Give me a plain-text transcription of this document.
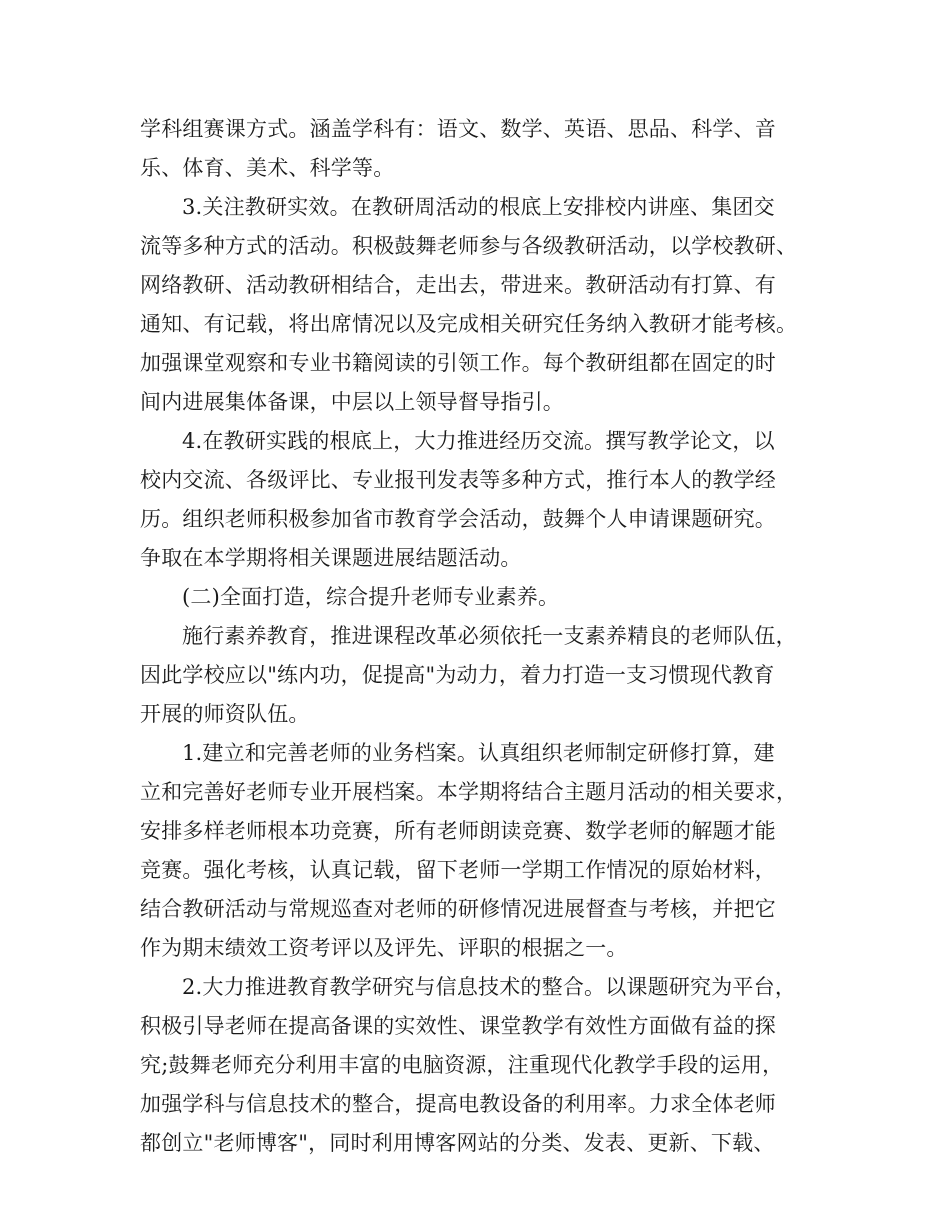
学科组赛课方式。涵盖学科有：语文、数学、英语、思品、科学、音
乐、体育、美术、科学等。
3.关注教研实效。在教研周活动的根底上安排校内讲座、集团交
流等多种方式的活动。积极鼓舞老师参与各级教研活动，以学校教研、
网络教研、活动教研相结合，走出去，带进来。教研活动有打算、有
通知、有记载，将出席情况以及完成相关研究任务纳入教研才能考核。
加强课堂观察和专业书籍阅读的引领工作。每个教研组都在固定的时
间内进展集体备课，中层以上领导督导指引。
4.在教研实践的根底上，大力推进经历交流。撰写教学论文，以
校内交流、各级评比、专业报刊发表等多种方式，推行本人的教学经
历。组织老师积极参加省市教育学会活动，鼓舞个人申请课题研究。
争取在本学期将相关课题进展结题活动。
(二)全面打造，综合提升老师专业素养。
施行素养教育，推进课程改革必须依托一支素养精良的老师队伍，
因此学校应以"练内功，促提高"为动力，着力打造一支习惯现代教育
开展的师资队伍。
1.建立和完善老师的业务档案。认真组织老师制定研修打算，建
立和完善好老师专业开展档案。本学期将结合主题月活动的相关要求，
安排多样老师根本功竞赛，所有老师朗读竞赛、数学老师的解题才能
竞赛。强化考核，认真记载，留下老师一学期工作情况的原始材料，
结合教研活动与常规巡查对老师的研修情况进展督查与考核，并把它
作为期末绩效工资考评以及评先、评职的根据之一。
2.大力推进教育教学研究与信息技术的整合。以课题研究为平台，
积极引导老师在提高备课的实效性、课堂教学有效性方面做有益的探
究;鼓舞老师充分利用丰富的电脑资源，注重现代化教学手段的运用，
加强学科与信息技术的整合，提高电教设备的利用率。力求全体老师
都创立"老师博客"，同时利用博客网站的分类、发表、更新、下载、
